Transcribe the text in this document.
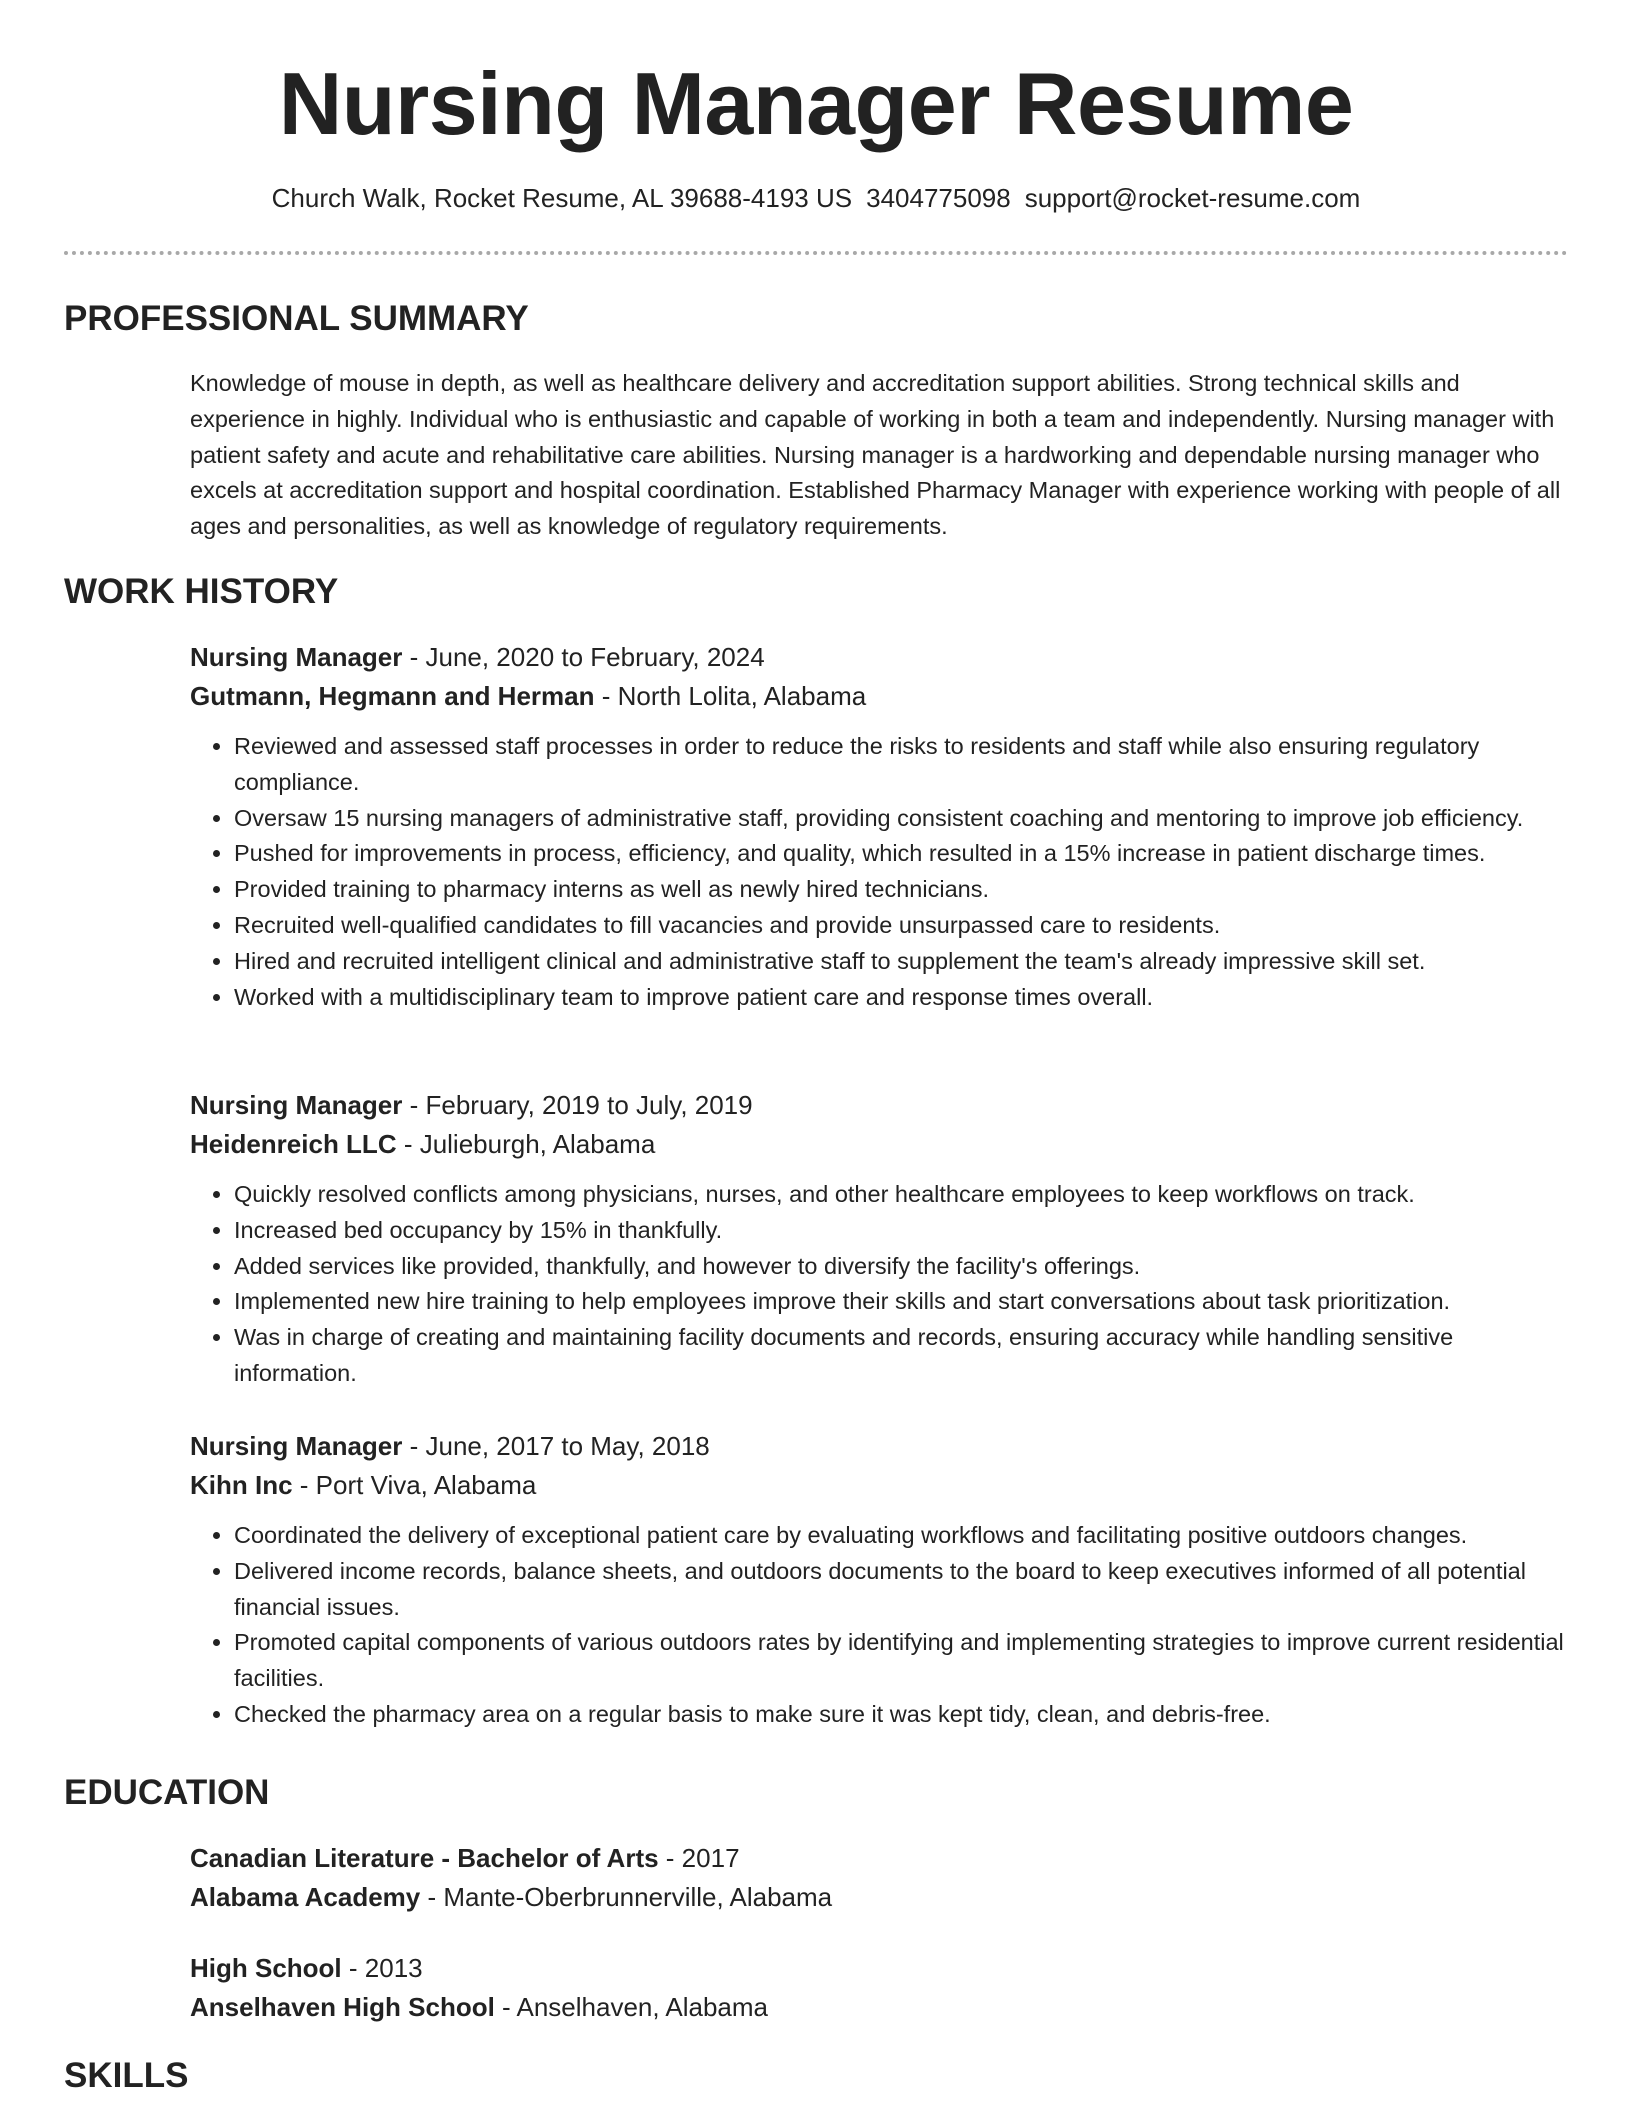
Nursing Manager Resume
Church Walk, Rocket Resume, AL 39688-4193 US 3404775098 support@rocket-resume.com
PROFESSIONAL SUMMARY

Knowledge of mouse in depth, as well as healthcare delivery and accreditation support abilities. Strong technical skills and experience in highly. Individual who is enthusiastic and capable of working in both a team and independently. Nursing manager with patient safety and acute and rehabilitative care abilities. Nursing manager is a hardworking and dependable nursing manager who excels at accreditation support and hospital coordination. Established Pharmacy Manager with experience working with people of all ages and personalities, as well as knowledge of regulatory requirements.

WORK HISTORY

Nursing Manager - June, 2020 to February, 2024

Gutmann, Hegmann and Herman - North Lolita, Alabama

• Reviewed and assessed staff processes in order to reduce the risks to residents and staff while also ensuring regulatory compliance.
• Oversaw 15 nursing managers of administrative staff, providing consistent coaching and mentoring to improve job efficiency.
• Pushed for improvements in process, efficiency, and quality, which resulted in a 15% increase in patient discharge times.
• Provided training to pharmacy interns as well as newly hired technicians.
• Recruited well-qualified candidates to fill vacancies and provide unsurpassed care to residents.
• Hired and recruited intelligent clinical and administrative staff to supplement the team's already impressive skill set.
• Worked with a multidisciplinary team to improve patient care and response times overall.

Nursing Manager - February, 2019 to July, 2019

Heidenreich LLC - Julieburgh, Alabama

• Quickly resolved conflicts among physicians, nurses, and other healthcare employees to keep workflows on track.
• Increased bed occupancy by 15% in thankfully.
• Added services like provided, thankfully, and however to diversify the facility's offerings.
• Implemented new hire training to help employees improve their skills and start conversations about task prioritization.
• Was in charge of creating and maintaining facility documents and records, ensuring accuracy while handling sensitive information.

Nursing Manager - June, 2017 to May, 2018

Kihn Inc - Port Viva, Alabama

• Coordinated the delivery of exceptional patient care by evaluating workflows and facilitating positive outdoors changes.
• Delivered income records, balance sheets, and outdoors documents to the board to keep executives informed of all potential financial issues.
• Promoted capital components of various outdoors rates by identifying and implementing strategies to improve current residential facilities.
• Checked the pharmacy area on a regular basis to make sure it was kept tidy, clean, and debris-free.
EDUCATION

Canadian Literature - Bachelor of Arts - 2017

Alabama Academy - Mante-Oberbrunnerville, Alabama

High School - 2013

Anselhaven High School - Anselhaven, Alabama

SKILLS
